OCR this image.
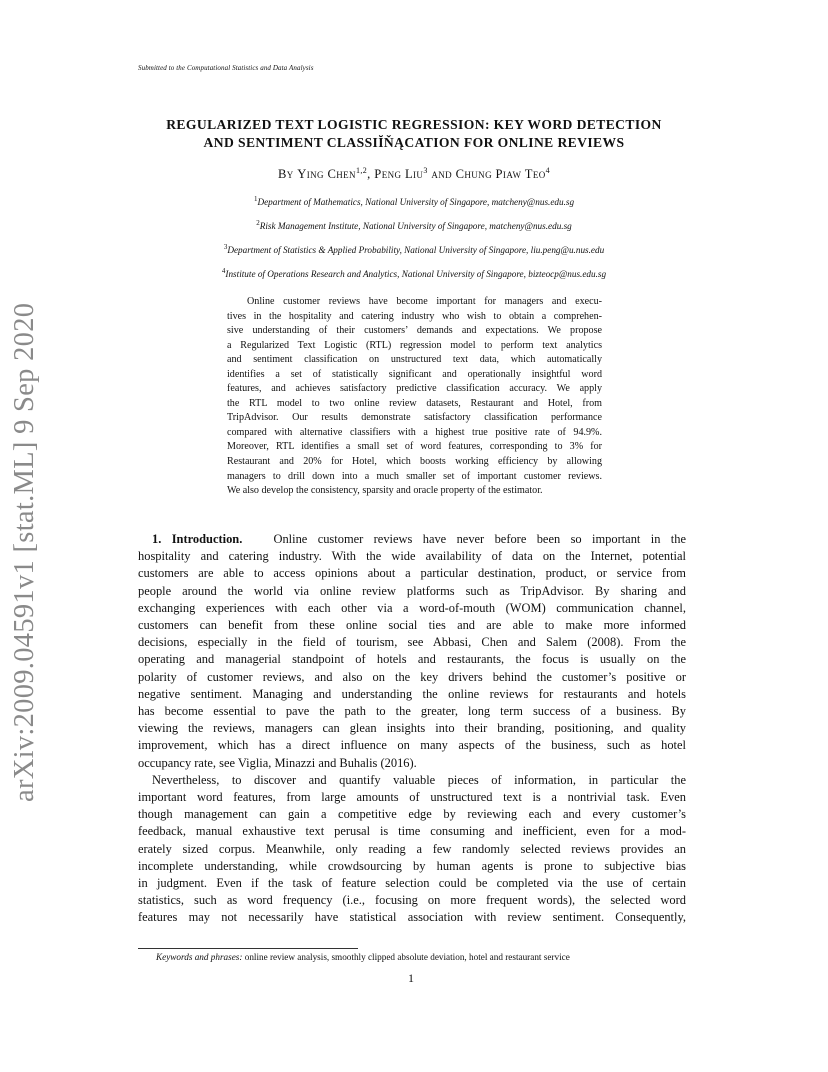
arXiv:2009.04591v1 [stat.ML] 9 Sep 2020
Submitted to the Computational Statistics and Data Analysis
REGULARIZED TEXT LOGISTIC REGRESSION: KEY WORD DETECTION
AND SENTIMENT CLASSIĬŇĄCATION FOR ONLINE REVIEWS
By Ying Chen$^{1,2}$, Peng Liu$^3$ and Chung Piaw Teo$^4$
$^1$Department of Mathematics, National University of Singapore, matcheny@nus.edu.sg
$^2$Risk Management Institute, National University of Singapore, matcheny@nus.edu.sg
$^3$Department of Statistics & Applied Probability, National University of Singapore, liu.peng@u.nus.edu
$^4$Institute of Operations Research and Analytics, National University of Singapore, bizteocp@nus.edu.sg
Online customer reviews have become important for managers and execu-
tives in the hospitality and catering industry who wish to obtain a comprehen-
sive understanding of their customers’ demands and expectations. We propose
a Regularized Text Logistic (RTL) regression model to perform text analytics
and sentiment classification on unstructured text data, which automatically
identifies a set of statistically significant and operationally insightful word
features, and achieves satisfactory predictive classification accuracy. We apply
the RTL model to two online review datasets, Restaurant and Hotel, from
TripAdvisor. Our results demonstrate satisfactory classification performance
compared with alternative classifiers with a highest true positive rate of 94.9%.
Moreover, RTL identifies a small set of word features, corresponding to 3% for
Restaurant and 20% for Hotel, which boosts working efficiency by allowing
managers to drill down into a much smaller set of important customer reviews.
We also develop the consistency, sparsity and oracle property of the estimator.
1. Introduction.	Online customer reviews have never before been so important in the
hospitality and catering industry. With the wide availability of data on the Internet, potential
customers are able to access opinions about a particular destination, product, or service from
people around the world via online review platforms such as TripAdvisor. By sharing and
exchanging experiences with each other via a word-of-mouth (WOM) communication channel,
customers can benefit from these online social ties and are able to make more informed
decisions, especially in the field of tourism, see Abbasi, Chen and Salem (2008). From the
operating and managerial standpoint of hotels and restaurants, the focus is usually on the
polarity of customer reviews, and also on the key drivers behind the customer’s positive or
negative sentiment. Managing and understanding the online reviews for restaurants and hotels
has become essential to pave the path to the greater, long term success of a business. By
viewing the reviews, managers can glean insights into their branding, positioning, and quality
improvement, which has a direct influence on many aspects of the business, such as hotel
occupancy rate, see Viglia, Minazzi and Buhalis (2016).
Nevertheless, to discover and quantify valuable pieces of information, in particular the
important word features, from large amounts of unstructured text is a nontrivial task. Even
though management can gain a competitive edge by reviewing each and every customer’s
feedback, manual exhaustive text perusal is time consuming and inefficient, even for a mod-
erately sized corpus. Meanwhile, only reading a few randomly selected reviews provides an
incomplete understanding, while crowdsourcing by human agents is prone to subjective bias
in judgment. Even if the task of feature selection could be completed via the use of certain
statistics, such as word frequency (i.e., focusing on more frequent words), the selected word
features may not necessarily have statistical association with review sentiment. Consequently,
Keywords and phrases: online review analysis, smoothly clipped absolute deviation, hotel and restaurant service
1
